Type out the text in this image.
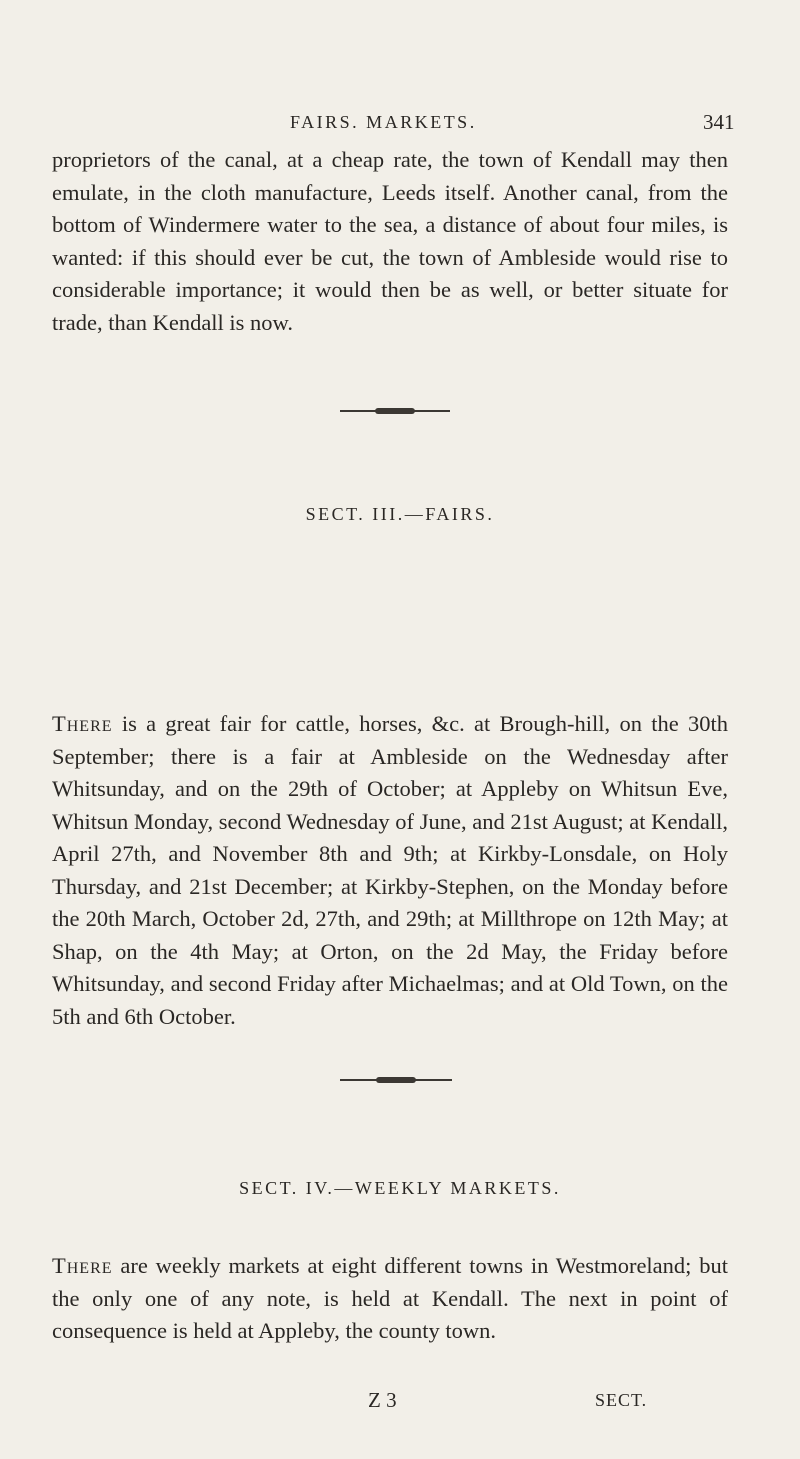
FAIRS. MARKETS.	341

proprietors of the canal, at a cheap rate, the town of Kendall may then emulate, in the cloth manufacture, Leeds itself. Another canal, from the bottom of Windermere water to the sea, a distance of about four miles, is wanted: if this should ever be cut, the town of Ambleside would rise to considerable importance; it would then be as well, or better situate for trade, than Kendall is now.

SECT. III.—FAIRS.

There is a great fair for cattle, horses, &c. at Brough-hill, on the 30th September; there is a fair at Ambleside on the Wednesday after Whitsunday, and on the 29th of October; at Appleby on Whitsun Eve, Whitsun Monday, second Wednesday of June, and 21st August; at Kendall, April 27th, and November 8th and 9th; at Kirkby-Lonsdale, on Holy Thursday, and 21st December; at Kirkby-Stephen, on the Monday before the 20th March, October 2d, 27th, and 29th; at Millthrope on 12th May; at Shap, on the 4th May; at Orton, on the 2d May, the Friday before Whitsunday, and second Friday after Michaelmas; and at Old Town, on the 5th and 6th October.

SECT. IV.—WEEKLY MARKETS.

There are weekly markets at eight different towns in Westmoreland; but the only one of any note, is held at Kendall. The next in point of consequence is held at Appleby, the county town.

Z 3	SECT.
